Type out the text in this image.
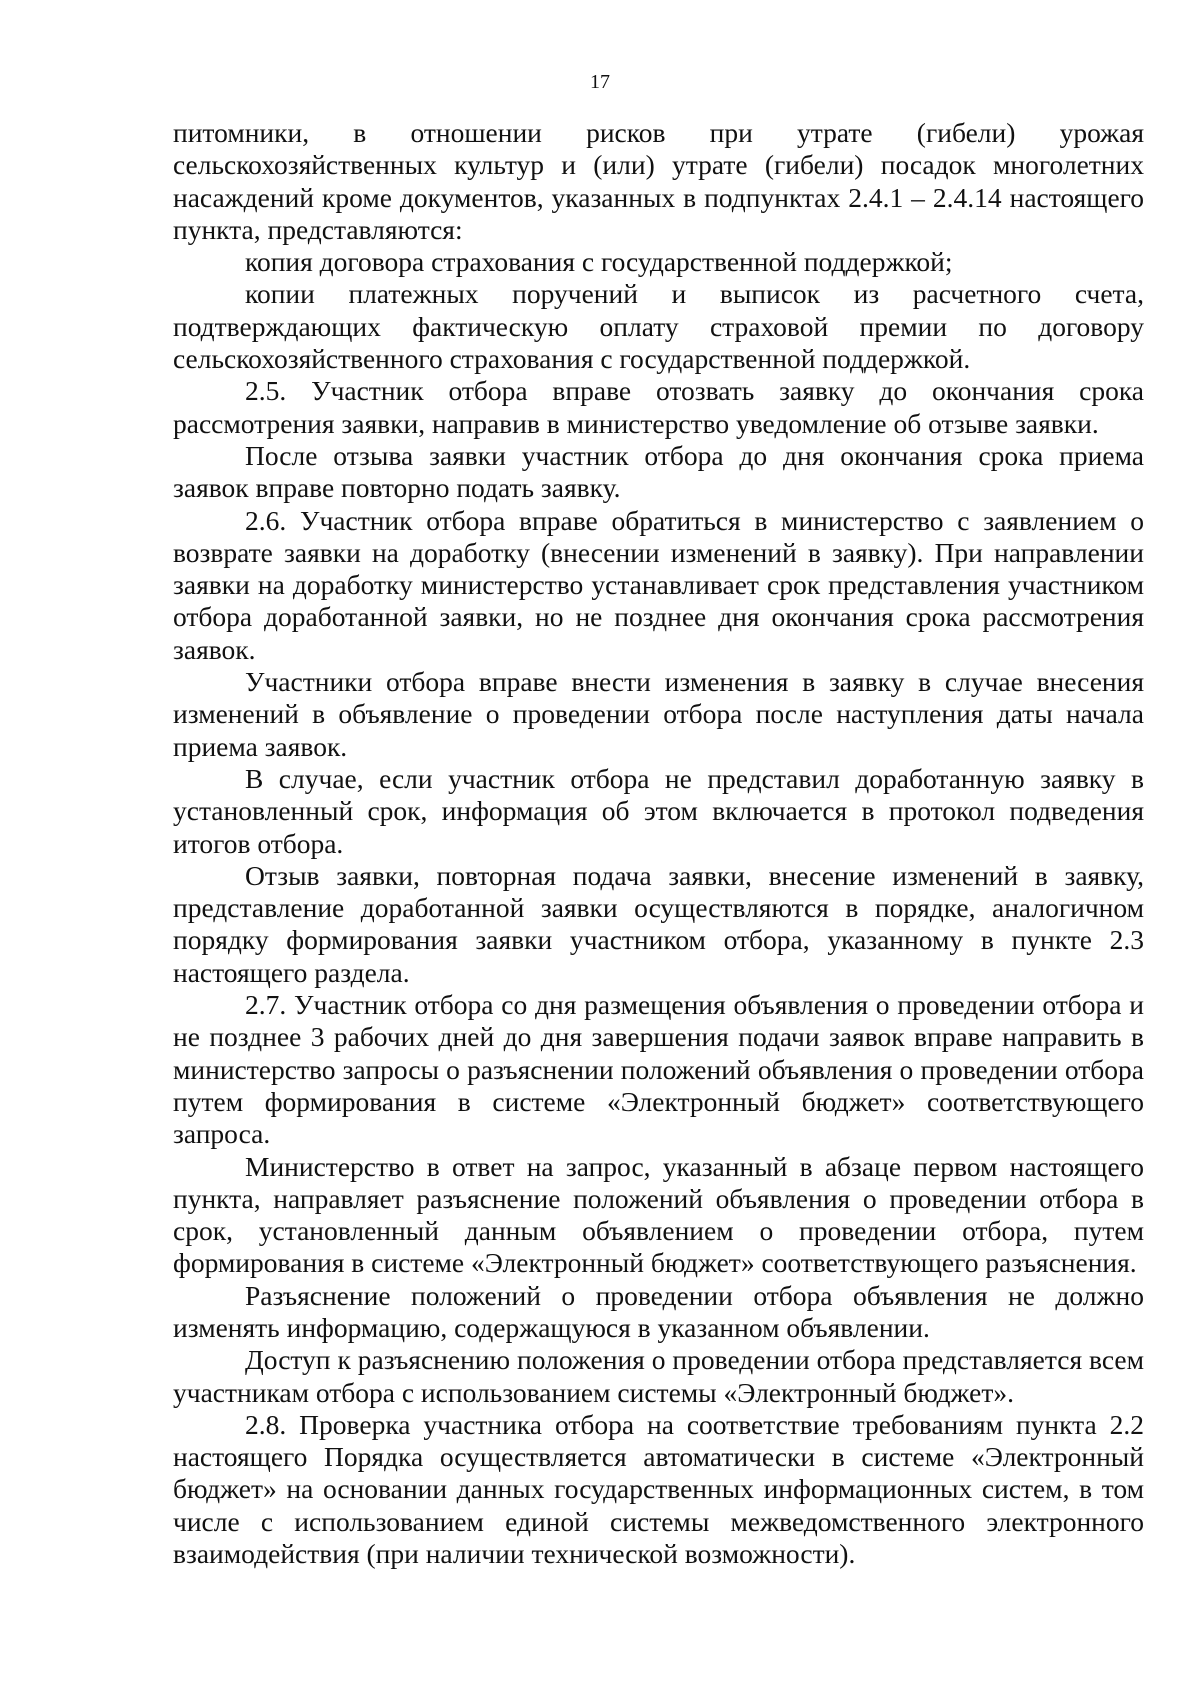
17

питомники, в отношении рисков при утрате (гибели) урожая сельскохозяйственных культур и (или) утрате (гибели) посадок многолетних насаждений кроме документов, указанных в подпунктах 2.4.1 – 2.4.14 настоящего пункта, представляются:

копия договора страхования с государственной поддержкой;

копии платежных поручений и выписок из расчетного счета, подтверждающих фактическую оплату страховой премии по договору сельскохозяйственного страхования с государственной поддержкой.

2.5. Участник отбора вправе отозвать заявку до окончания срока рассмотрения заявки, направив в министерство уведомление об отзыве заявки.

После отзыва заявки участник отбора до дня окончания срока приема заявок вправе повторно подать заявку.

2.6. Участник отбора вправе обратиться в министерство с заявлением о возврате заявки на доработку (внесении изменений в заявку). При направлении заявки на доработку министерство устанавливает срок представления участником отбора доработанной заявки, но не позднее дня окончания срока рассмотрения заявок.

Участники отбора вправе внести изменения в заявку в случае внесения изменений в объявление о проведении отбора после наступления даты начала приема заявок.

В случае, если участник отбора не представил доработанную заявку в установленный срок, информация об этом включается в протокол подведения итогов отбора.

Отзыв заявки, повторная подача заявки, внесение изменений в заявку, представление доработанной заявки осуществляются в порядке, аналогичном порядку формирования заявки участником отбора, указанному в пункте 2.3 настоящего раздела.

2.7. Участник отбора со дня размещения объявления о проведении отбора и не позднее 3 рабочих дней до дня завершения подачи заявок вправе направить в министерство запросы о разъяснении положений объявления о проведении отбора путем формирования в системе «Электронный бюджет» соответствующего запроса.

Министерство в ответ на запрос, указанный в абзаце первом настоящего пункта, направляет разъяснение положений объявления о проведении отбора в срок, установленный данным объявлением о проведении отбора, путем формирования в системе «Электронный бюджет» соответствующего разъяснения.

Разъяснение положений о проведении отбора объявления не должно изменять информацию, содержащуюся в указанном объявлении.

Доступ к разъяснению положения о проведении отбора представляется всем участникам отбора с использованием системы «Электронный бюджет».

2.8. Проверка участника отбора на соответствие требованиям пункта 2.2 настоящего Порядка осуществляется автоматически в системе «Электронный бюджет» на основании данных государственных информационных систем, в том числе с использованием единой системы межведомственного электронного взаимодействия (при наличии технической возможности).
